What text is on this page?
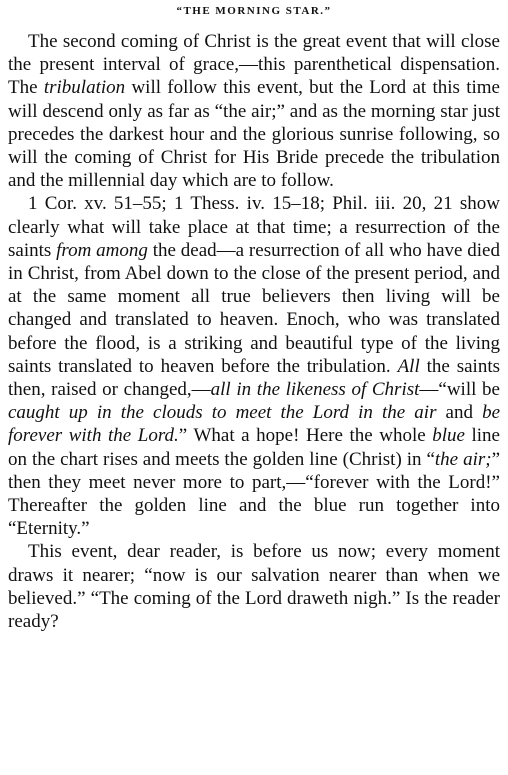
“THE MORNING STAR.”

The second coming of Christ is the great event that will close the present interval of grace,—this parenthetical dispensation. The tribulation will follow this event, but the Lord at this time will descend only as far as “the air;” and as the morning star just precedes the darkest hour and the glorious sunrise following, so will the coming of Christ for His Bride precede the tribulation and the millennial day which are to follow.

1 Cor. xv. 51–55; 1 Thess. iv. 15–18; Phil. iii. 20, 21 show clearly what will take place at that time; a resurrection of the saints from among the dead—a resurrection of all who have died in Christ, from Abel down to the close of the present period, and at the same moment all true believers then living will be changed and translated to heaven. Enoch, who was translated before the flood, is a striking and beautiful type of the living saints translated to heaven before the tribulation. All the saints then, raised or changed,—all in the likeness of Christ—“will be caught up in the clouds to meet the Lord in the air and be forever with the Lord.” What a hope! Here the whole blue line on the chart rises and meets the golden line (Christ) in “the air;” then they meet never more to part,—“forever with the Lord!” Thereafter the golden line and the blue run together into “Eternity.”

This event, dear reader, is before us now; every moment draws it nearer; “now is our salvation nearer than when we believed.” “The coming of the Lord draweth nigh.” Is the reader ready?
